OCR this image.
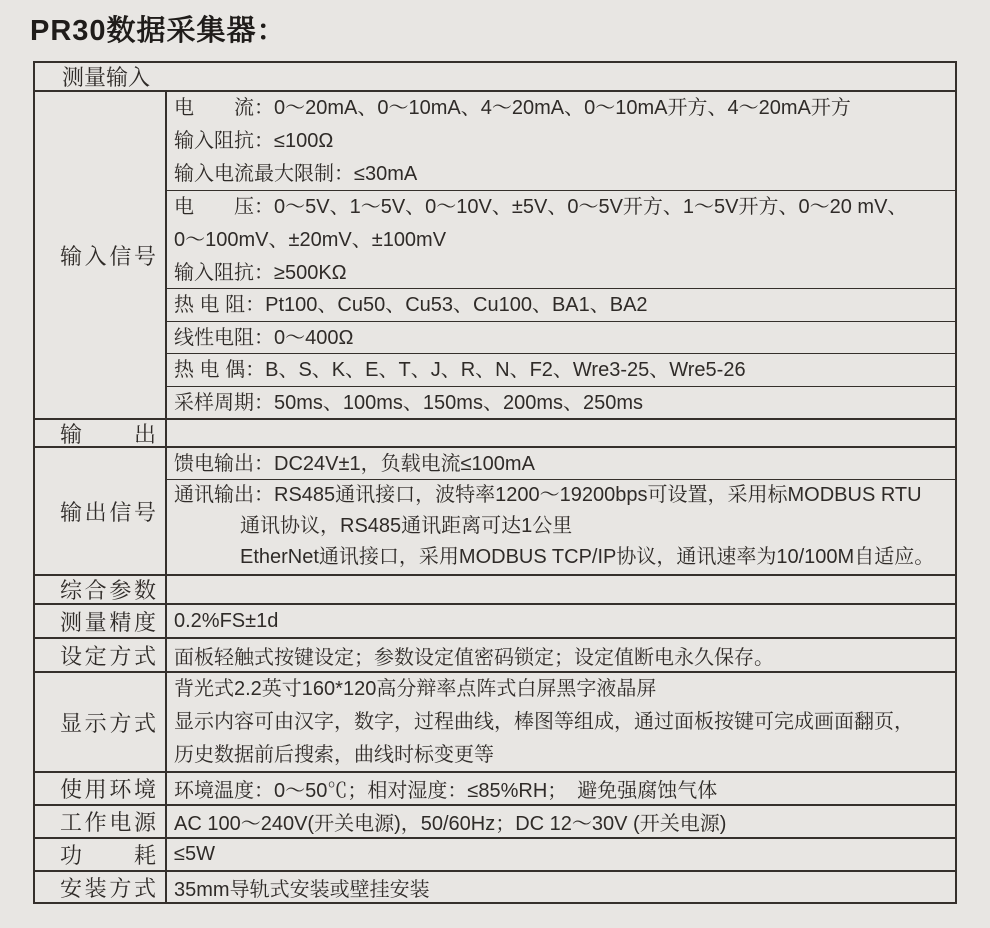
PR30数据采集器：
测量输入
输入信号
电　　流：0～20mA、0～10mA、4～20mA、0～10mA开方、4～20mA开方
输入阻抗：≤100Ω
输入电流最大限制：≤30mA
电　　压：0～5V、1～5V、0～10V、±5V、0～5V开方、1～5V开方、0～20 mV、
0～100mV、±20mV、±100mV
输入阻抗：≥500KΩ
热 电 阻：Pt100、Cu50、Cu53、Cu100、BA1、BA2
线性电阻：0～400Ω
热 电 偶：B、S、K、E、T、J、R、N、F2、Wre3-25、Wre5-26
采样周期：50ms、100ms、150ms、200ms、250ms
输　出
输出信号
馈电输出：DC24V±1，负载电流≤100mA
通讯输出：RS485通讯接口，波特率1200～19200bps可设置，采用标MODBUS RTU
通讯协议，RS485通讯距离可达1公里
EtherNet通讯接口，采用MODBUS TCP/IP协议，通讯速率为10/100M自适应。
综合参数
测量精度 0.2%FS±1d
设定方式 面板轻触式按键设定；参数设定值密码锁定；设定值断电永久保存。
显示方式
背光式2.2英寸160*120高分辩率点阵式白屏黑字液晶屏
显示内容可由汉字，数字，过程曲线，棒图等组成，通过面板按键可完成画面翻页，
历史数据前后搜索，曲线时标变更等
使用环境 环境温度：0～50℃；相对湿度：≤85%RH；　避免强腐蚀气体
工作电源 AC 100～240V(开关电源)，50/60Hz；DC 12～30V (开关电源)
功　耗 ≤5W
安装方式 35mm导轨式安装或壁挂安装
